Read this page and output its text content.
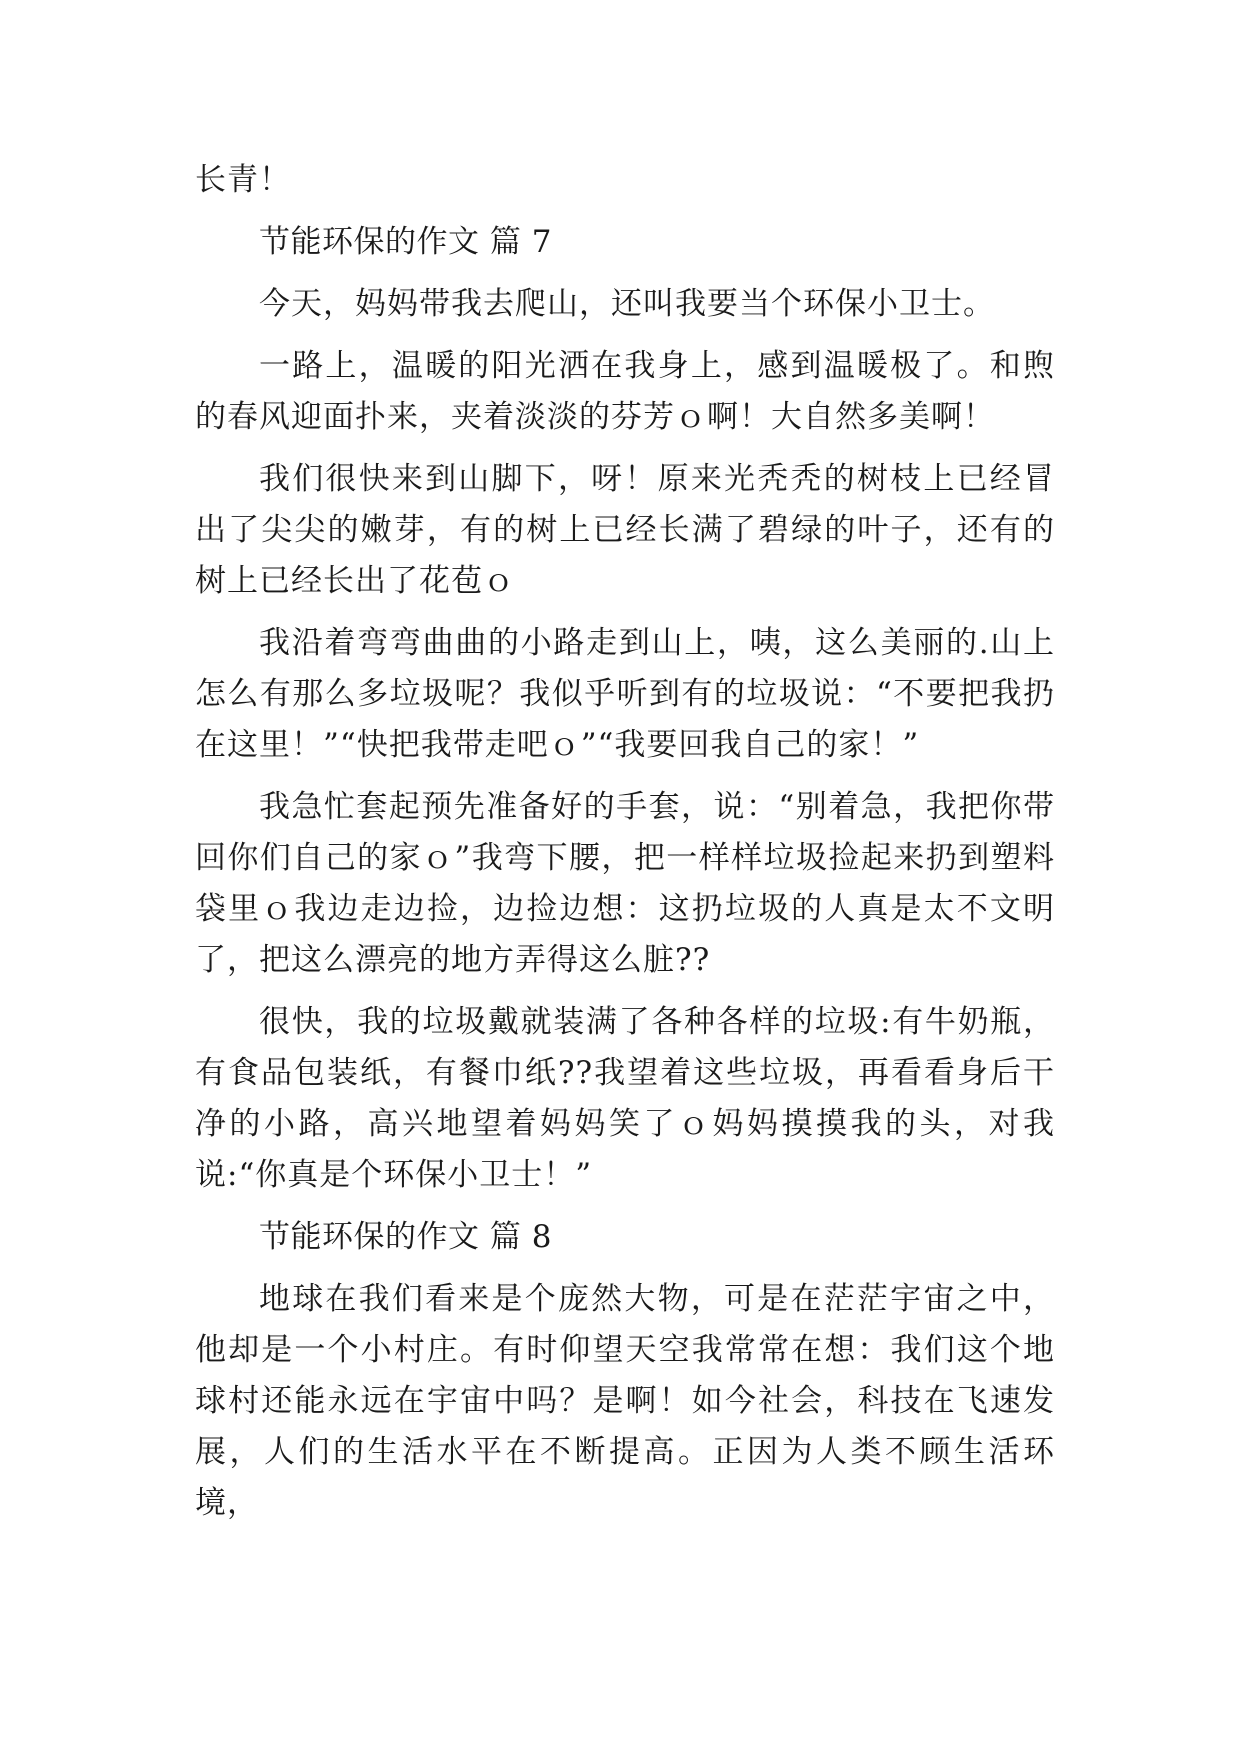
长青！

节能环保的作文 篇 7

今天，妈妈带我去爬山，还叫我要当个环保小卫士。

一路上，温暖的阳光洒在我身上，感到温暖极了。和煦的春风迎面扑来，夹着淡淡的芬芳ｏ啊！大自然多美啊！

我们很快来到山脚下，呀！原来光秃秃的树枝上已经冒出了尖尖的嫩芽，有的树上已经长满了碧绿的叶子，还有的树上已经长出了花苞ｏ

我沿着弯弯曲曲的小路走到山上，咦，这么美丽的.山上怎么有那么多垃圾呢？我似乎听到有的垃圾说：“不要把我扔在这里！”“快把我带走吧ｏ”“我要回我自己的家！”

我急忙套起预先准备好的手套，说：“别着急，我把你带回你们自己的家ｏ”我弯下腰，把一样样垃圾捡起来扔到塑料袋里ｏ我边走边捡，边捡边想：这扔垃圾的人真是太不文明了，把这么漂亮的地方弄得这么脏??

很快，我的垃圾戴就装满了各种各样的垃圾:有牛奶瓶，有食品包装纸，有餐巾纸??我望着这些垃圾，再看看身后干净的小路，高兴地望着妈妈笑了ｏ妈妈摸摸我的头，对我说:“你真是个环保小卫士！”

节能环保的作文 篇 8

地球在我们看来是个庞然大物，可是在茫茫宇宙之中，他却是一个小村庄。有时仰望天空我常常在想：我们这个地球村还能永远在宇宙中吗？是啊！如今社会，科技在飞速发展，人们的生活水平在不断提高。正因为人类不顾生活环境，
